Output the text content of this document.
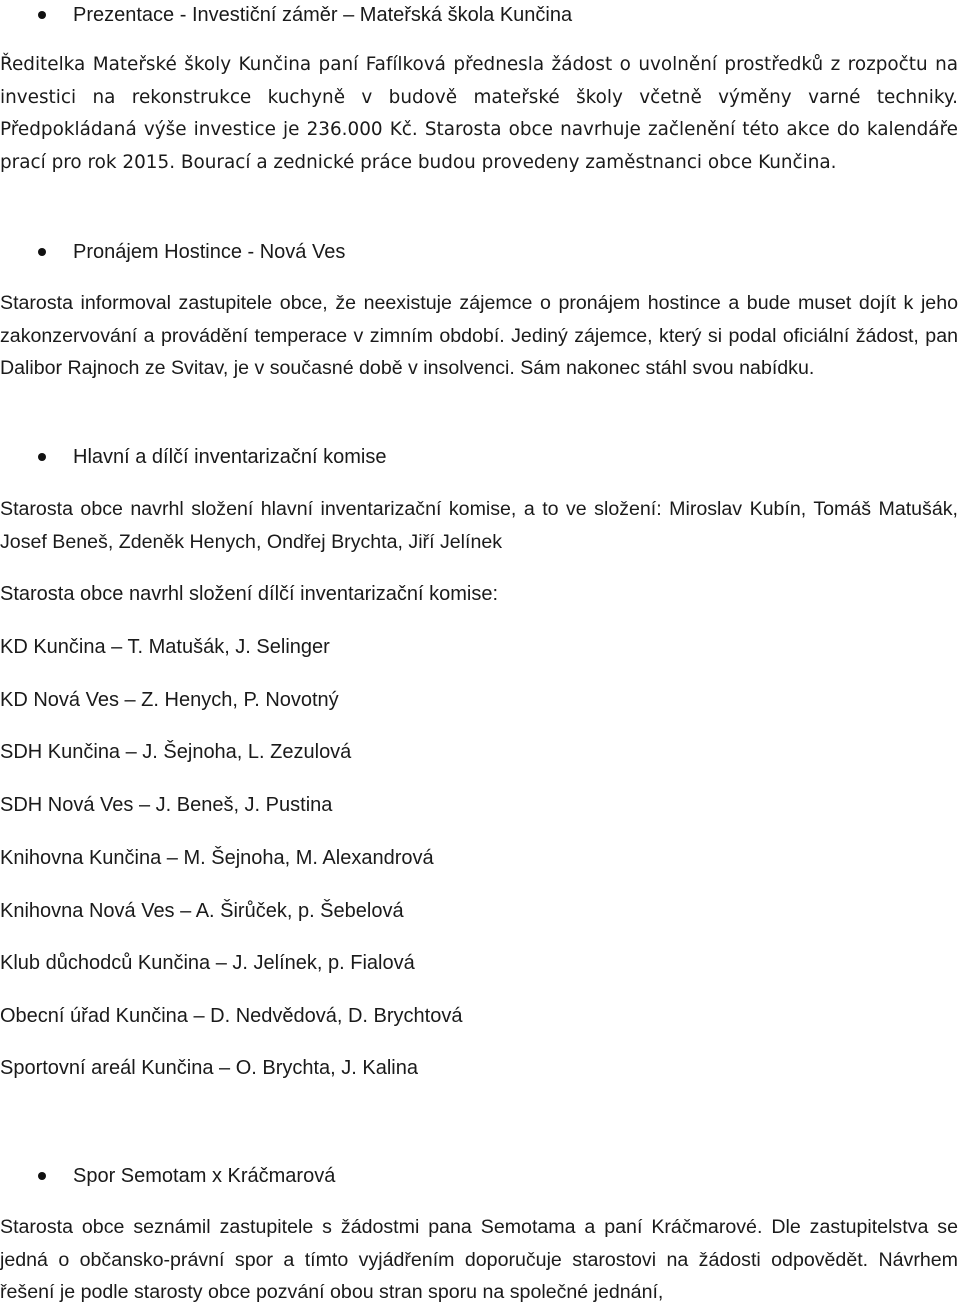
Prezentace - Investiční záměr – Mateřská škola Kunčina

Ředitelka Mateřské školy Kunčina paní Fafílková přednesla žádost o uvolnění prostředků z rozpočtu na investici na rekonstrukce kuchyně v budově mateřské školy včetně výměny varné techniky. Předpokládaná výše investice je 236.000 Kč. Starosta obce navrhuje začlenění této akce do kalendáře prací pro rok 2015. Bourací a zednické práce budou provedeny zaměstnanci obce Kunčina.

Pronájem Hostince - Nová Ves

Starosta informoval zastupitele obce, že neexistuje zájemce o pronájem hostince a bude muset dojít k jeho zakonzervování a provádění temperace v zimním období. Jediný zájemce, který si podal oficiální žádost, pan Dalibor Rajnoch ze Svitav, je v současné době v insolvenci. Sám nakonec stáhl svou nabídku.

Hlavní a dílčí inventarizační komise

Starosta obce navrhl složení hlavní inventarizační komise, a to ve složení: Miroslav Kubín, Tomáš Matušák, Josef Beneš, Zdeněk Henych, Ondřej Brychta, Jiří Jelínek

Starosta obce navrhl složení dílčí inventarizační komise:

KD Kunčina – T. Matušák, J. Selinger

KD Nová Ves – Z. Henych, P. Novotný

SDH Kunčina – J. Šejnoha, L. Zezulová

SDH Nová Ves – J. Beneš, J. Pustina

Knihovna Kunčina – M. Šejnoha, M. Alexandrová

Knihovna Nová Ves – A. Širůček, p. Šebelová

Klub důchodců Kunčina – J. Jelínek, p. Fialová

Obecní úřad Kunčina – D. Nedvědová, D. Brychtová

Sportovní areál Kunčina – O. Brychta, J. Kalina

Spor Semotam x Kráčmarová

Starosta obce seznámil zastupitele s žádostmi pana Semotama a paní Kráčmarové. Dle zastupitelstva se jedná o občansko-právní spor a tímto vyjádřením doporučuje starostovi na žádosti odpovědět. Návrhem řešení je podle starosty obce pozvání obou stran sporu na společné jednání,
